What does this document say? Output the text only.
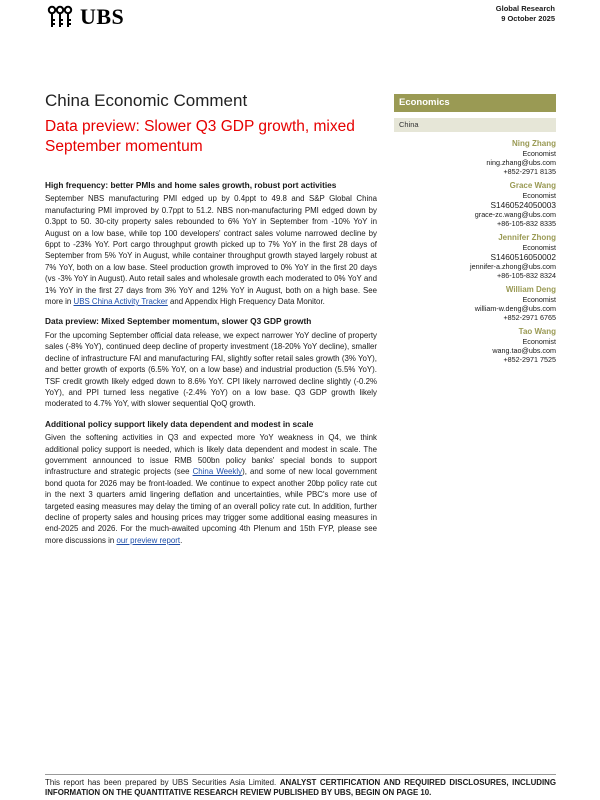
UBS	Global Research
9 October 2025
China Economic Comment
Data preview: Slower Q3 GDP growth, mixed September momentum
High frequency: better PMIs and home sales growth, robust port activities

September NBS manufacturing PMI edged up by 0.4ppt to 49.8 and S&P Global China manufacturing PMI improved by 0.7ppt to 51.2. NBS non-manufacturing PMI edged down by 0.3ppt to 50. 30-city property sales rebounded to 6% YoY in September from -10% YoY in August on a low base, while top 100 developers' contract sales volume narrowed decline by 6ppt to -23% YoY. Port cargo throughput growth picked up to 7% YoY in the first 28 days of September from 5% YoY in August, while container throughput growth stayed largely robust at 7% YoY, both on a low base. Steel production growth improved to 0% YoY in the first 20 days (vs -3% YoY in August). Auto retail sales and wholesale growth each moderated to 0% YoY and 1% YoY in the first 27 days from 3% YoY and 12% YoY in August, both on a high base. See more in UBS China Activity Tracker and Appendix High Frequency Data Monitor.

Data preview: Mixed September momentum, slower Q3 GDP growth

For the upcoming September official data release, we expect narrower YoY decline of property sales (-8% YoY), continued deep decline of property investment (18-20% YoY decline), smaller decline of infrastructure FAI and manufacturing FAI, slightly softer retail sales growth (3% YoY), and better growth of exports (6.5% YoY, on a low base) and industrial production (5.5% YoY). TSF credit growth likely edged down to 8.6% YoY. CPI likely narrowed decline slightly (-0.2% YoY), and PPI turned less negative (-2.4% YoY) on a low base. Q3 GDP growth likely moderated to 4.7% YoY, with slower sequential QoQ growth.

Additional policy support likely data dependent and modest in scale

Given the softening activities in Q3 and expected more YoY weakness in Q4, we think additional policy support is needed, which is likely data dependent and modest in scale. The government announced to issue RMB 500bn policy banks' special bonds to support infrastructure and strategic projects (see China Weekly), and some of new local government bond quota for 2026 may be front-loaded. We continue to expect another 20bp policy rate cut in the next 3 quarters amid lingering deflation and uncertainties, while PBC's more use of targeted easing measures may delay the timing of an overall policy rate cut. In addition, further decline of property sales and housing prices may trigger some additional easing measures in end-2025 and 2026. For the much-awaited upcoming 4th Plenum and 15th FYP, please see more discussions in our preview report.

Economics
China
Ning Zhang
Economist
ning.zhang@ubs.com
+852-2971 8135
Grace Wang
Economist
S1460524050003
grace-zc.wang@ubs.com
+86-105-832 8335
Jennifer Zhong
Economist
S1460516050002
jennifer-a.zhong@ubs.com
+86-105-832 8324
William Deng
Economist
william-w.deng@ubs.com
+852-2971 6765
Tao Wang
Economist
wang.tao@ubs.com
+852-2971 7525
This report has been prepared by UBS Securities Asia Limited. ANALYST CERTIFICATION AND REQUIRED DISCLOSURES, INCLUDING INFORMATION ON THE QUANTITATIVE RESEARCH REVIEW PUBLISHED BY UBS, BEGIN ON PAGE 10.
